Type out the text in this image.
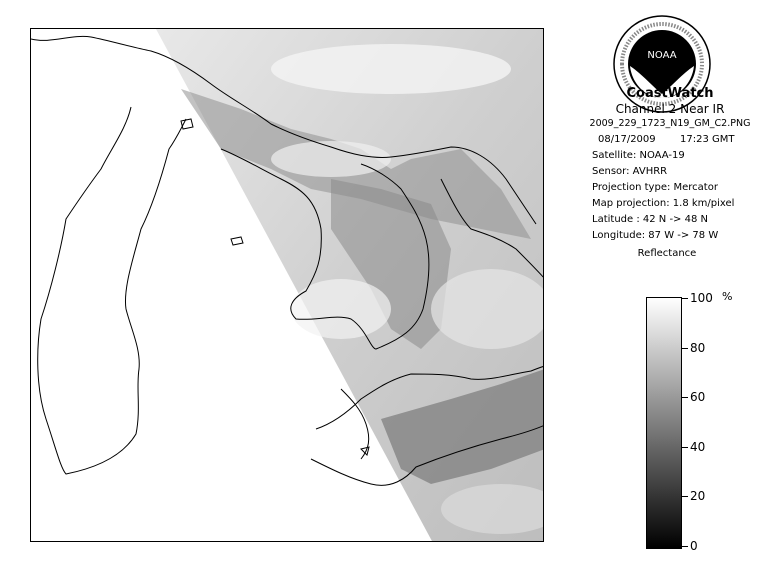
NOAA
CoastWatch
Channel 2 Near IR
2009_229_1723_N19_GM_C2.PNG
08/17/2009 17:23 GMT
Satellite: NOAA-19
Sensor: AVHRR
Projection type: Mercator
Map projection: 1.8 km/pixel
Latitude : 42 N -> 48 N
Longitude: 87 W -> 78 W
Reflectance
%
100
80
60
40
20
0
